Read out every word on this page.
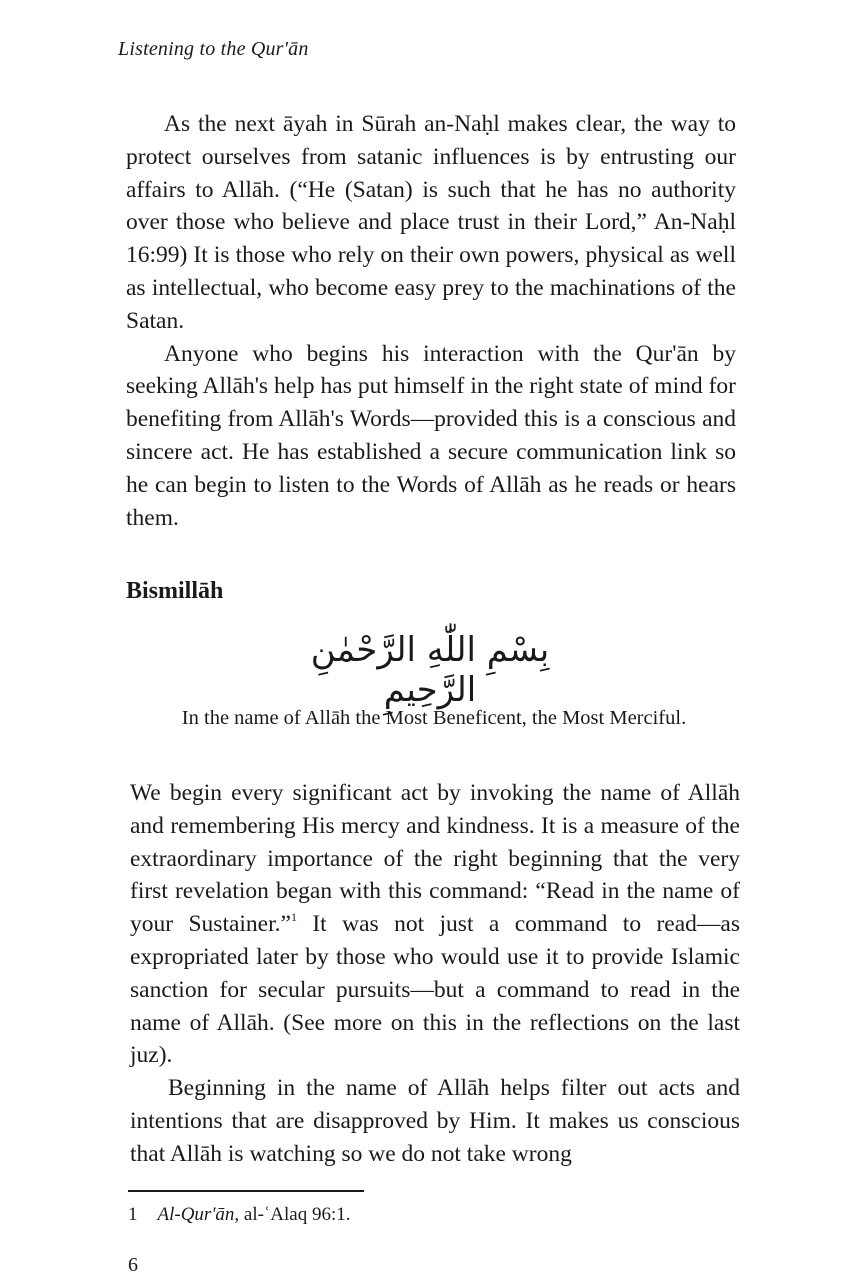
Listening to the Qur'ān

As the next āyah in Sūrah an-Naḥl makes clear, the way to protect ourselves from satanic influences is by entrusting our affairs to Allāh. (“He (Satan) is such that he has no authority over those who believe and place trust in their Lord,” An-Naḥl 16:99) It is those who rely on their own powers, physical as well as intellectual, who become easy prey to the machinations of the Satan.

Anyone who begins his interaction with the Qur'ān by seeking Allāh's help has put himself in the right state of mind for benefiting from Allāh's Words—provided this is a conscious and sincere act. He has established a secure communication link so he can begin to listen to the Words of Allāh as he reads or hears them.

Bismillāh
بِسْمِ اللّٰهِ الرَّحْمٰنِ الرَّحِيمِ
In the name of Allāh the Most Beneficent, the Most Merciful.

We begin every significant act by invoking the name of Allāh and remembering His mercy and kindness. It is a measure of the extraordinary importance of the right beginning that the very first revelation began with this command: “Read in the name of your Sustainer.”$^1$ It was not just a command to read—as expropriated later by those who would use it to provide Islamic sanction for secular pursuits—but a command to read in the name of Allāh. (See more on this in the reflections on the last juz).

Beginning in the name of Allāh helps filter out acts and intentions that are disapproved by Him. It makes us conscious that Allāh is watching so we do not take wrong

1 Al-Qur'ān, al-ʿAlaq 96:1.
6
